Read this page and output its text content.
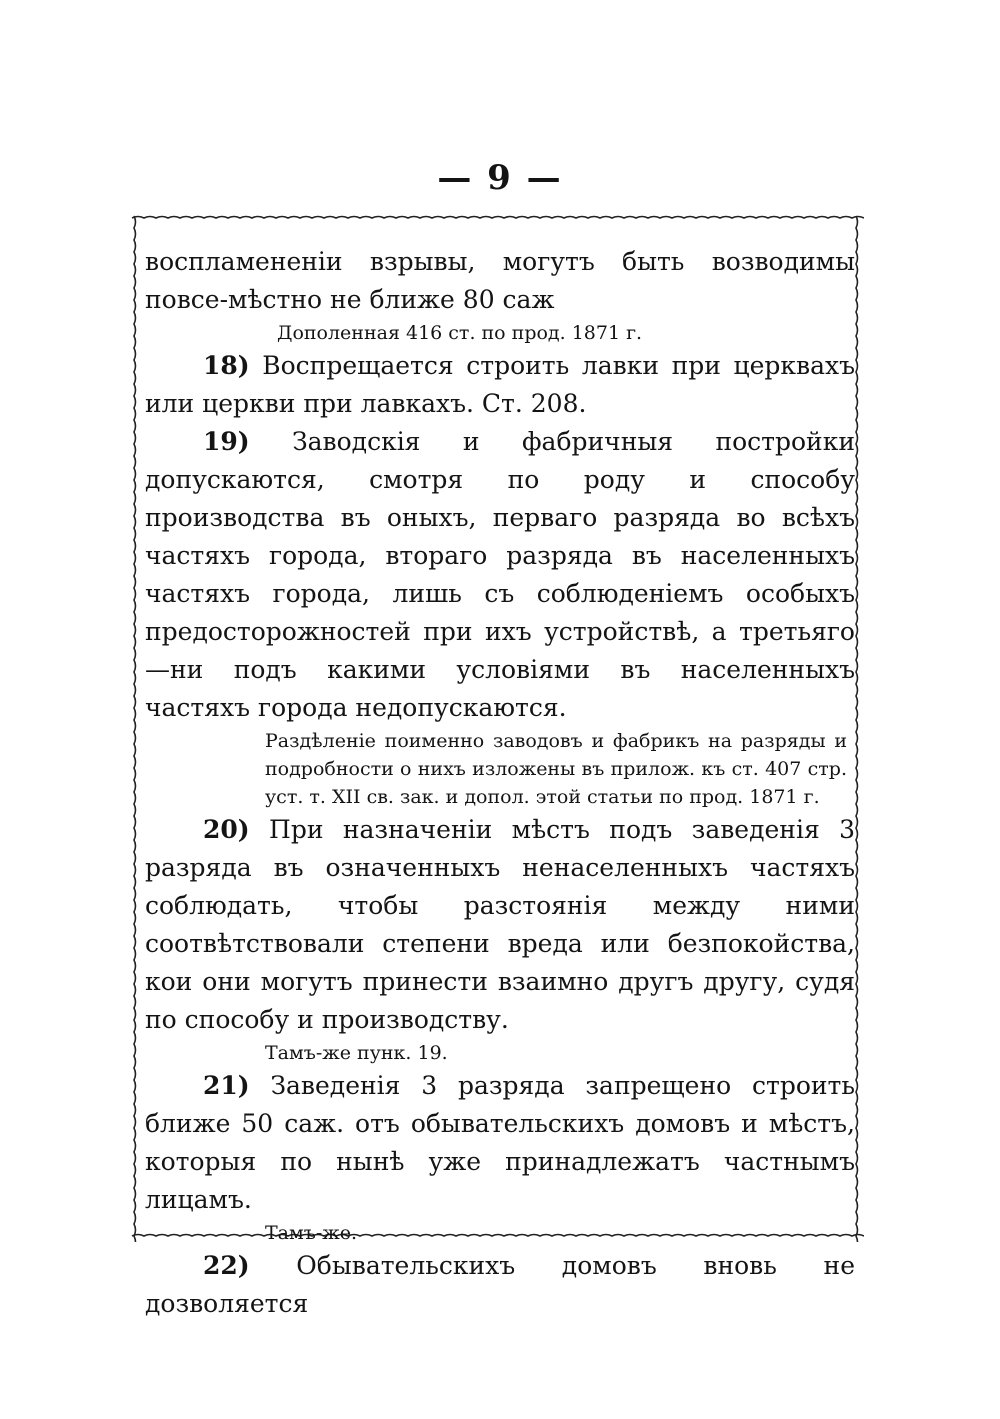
— 9 —

воспламененіи взрывы, могутъ быть возводимы повсе-мѣстно не ближе 80 саж

Дополенная 416 ст. по прод. 1871 г.

18) Воспрещается строить лавки при церквахъ или церкви при лавкахъ. Ст. 208.

19) Заводскія и фабричныя постройки допускаются, смотря по роду и способу производства въ оныхъ, перваго разряда во всѣхъ частяхъ города, втораго разряда въ населенныхъ частяхъ города, лишь съ соблюденіемъ особыхъ предосторожностей при ихъ устройствѣ, а третьяго—ни подъ какими условіями въ населенныхъ частяхъ города недопускаются.

Раздѣленіе поименно заводовъ и фабрикъ на разряды и подробности о нихъ изложены въ прилож. къ ст. 407 стр. уст. т. XII св. зак. и допол. этой статьи по прод. 1871 г.

20) При назначеніи мѣстъ подъ заведенія 3 разряда въ означенныхъ ненаселенныхъ частяхъ соблюдать, чтобы разстоянія между ними соотвѣтствовали степени вреда или безпокойства, кои они могутъ принести взаимно другъ другу, судя по способу и производству.

Тамъ-же пунк. 19.

21) Заведенія 3 разряда запрещено строить ближе 50 саж. отъ обывательскихъ домовъ и мѣстъ, которыя по нынѣ уже принадлежатъ частнымъ лицамъ.

Тамъ-же.

22) Обывательскихъ домовъ вновь не дозволяется
